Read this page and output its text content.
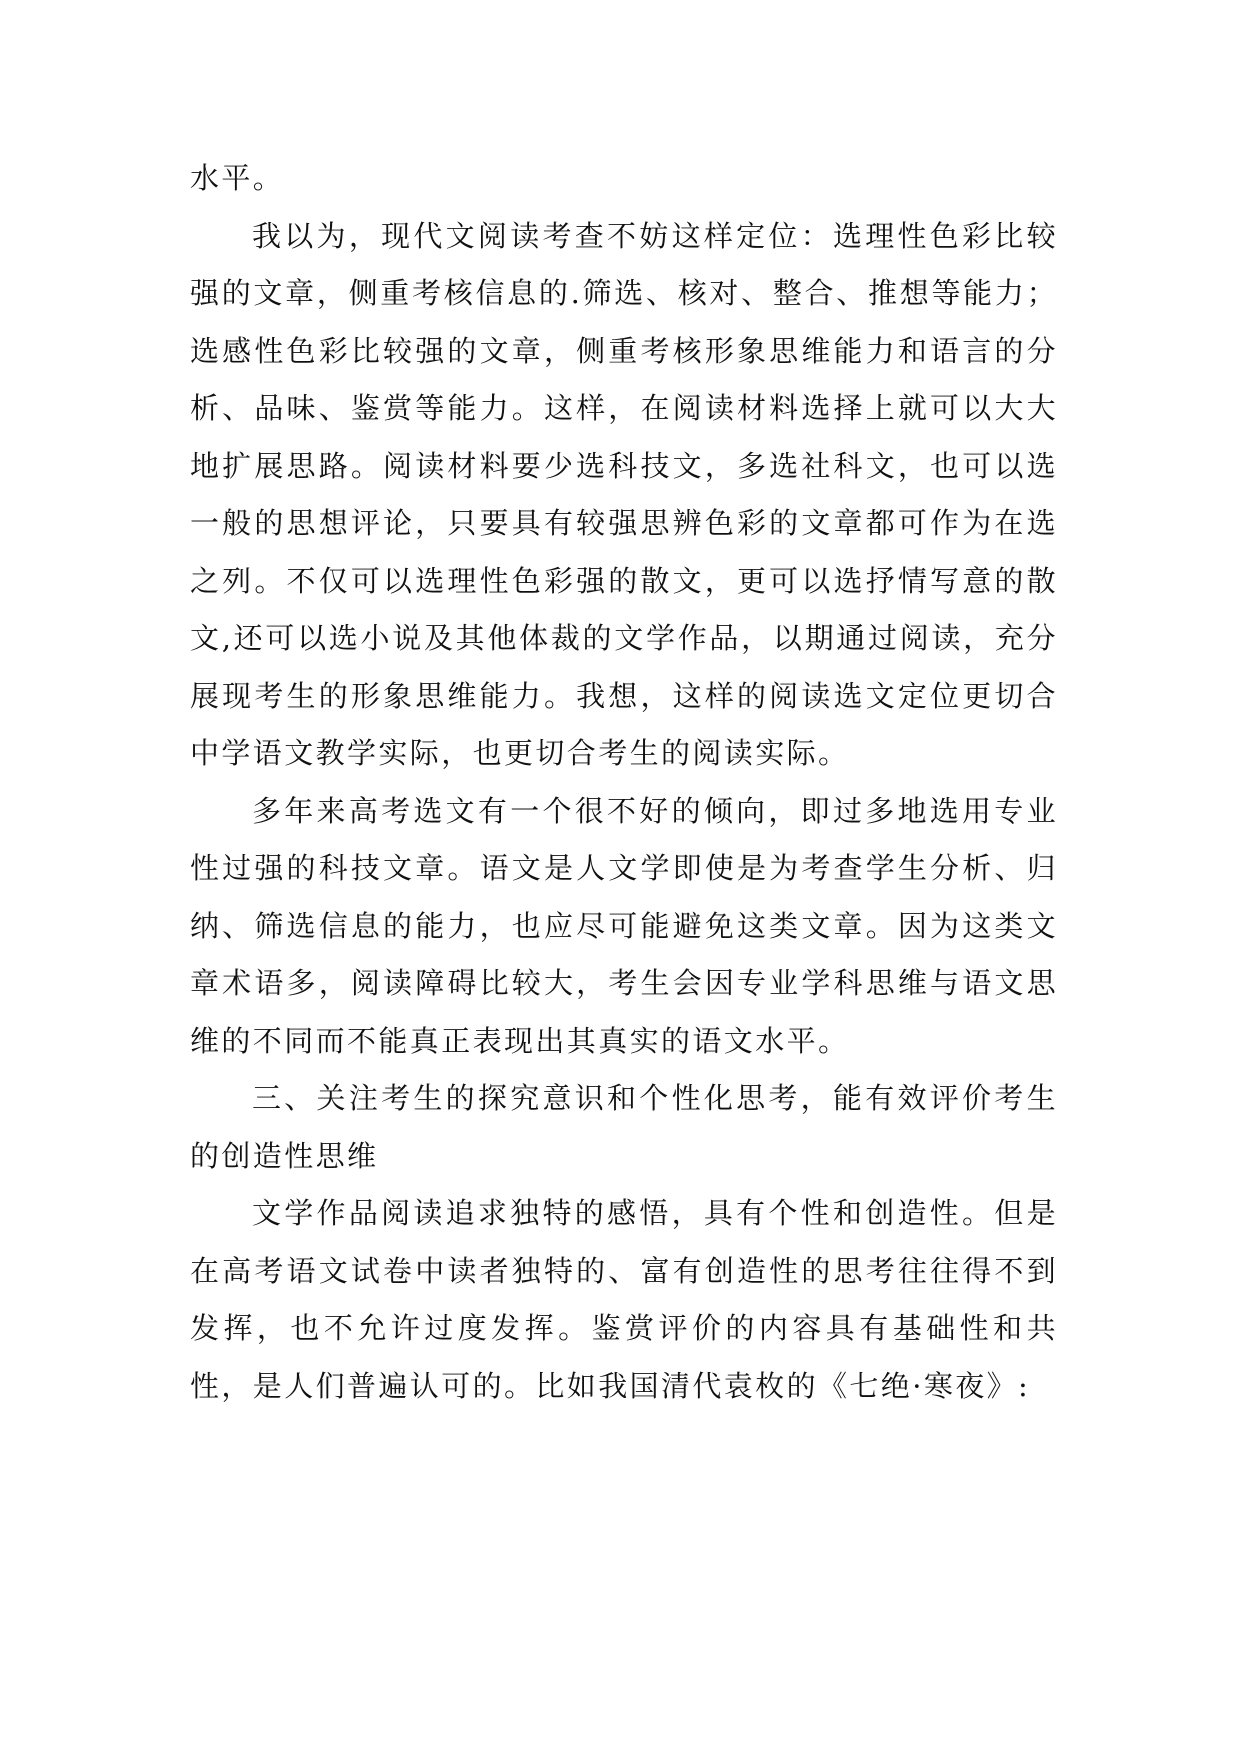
水平。

我以为，现代文阅读考查不妨这样定位：选理性色彩比较强的文章，侧重考核信息的.筛选、核对、整合、推想等能力；选感性色彩比较强的文章，侧重考核形象思维能力和语言的分析、品味、鉴赏等能力。这样，在阅读材料选择上就可以大大地扩展思路。阅读材料要少选科技文，多选社科文，也可以选一般的思想评论，只要具有较强思辨色彩的文章都可作为在选之列。不仅可以选理性色彩强的散文，更可以选抒情写意的散文,还可以选小说及其他体裁的文学作品，以期通过阅读，充分展现考生的形象思维能力。我想，这样的阅读选文定位更切合中学语文教学实际，也更切合考生的阅读实际。

多年来高考选文有一个很不好的倾向，即过多地选用专业性过强的科技文章。语文是人文学即使是为考查学生分析、归纳、筛选信息的能力，也应尽可能避免这类文章。因为这类文章术语多，阅读障碍比较大，考生会因专业学科思维与语文思维的不同而不能真正表现出其真实的语文水平。

三、关注考生的探究意识和个性化思考，能有效评价考生的创造性思维

文学作品阅读追求独特的感悟，具有个性和创造性。但是在高考语文试卷中读者独特的、富有创造性的思考往往得不到发挥，也不允许过度发挥。鉴赏评价的内容具有基础性和共性，是人们普遍认可的。比如我国清代袁枚的《七绝·寒夜》:
